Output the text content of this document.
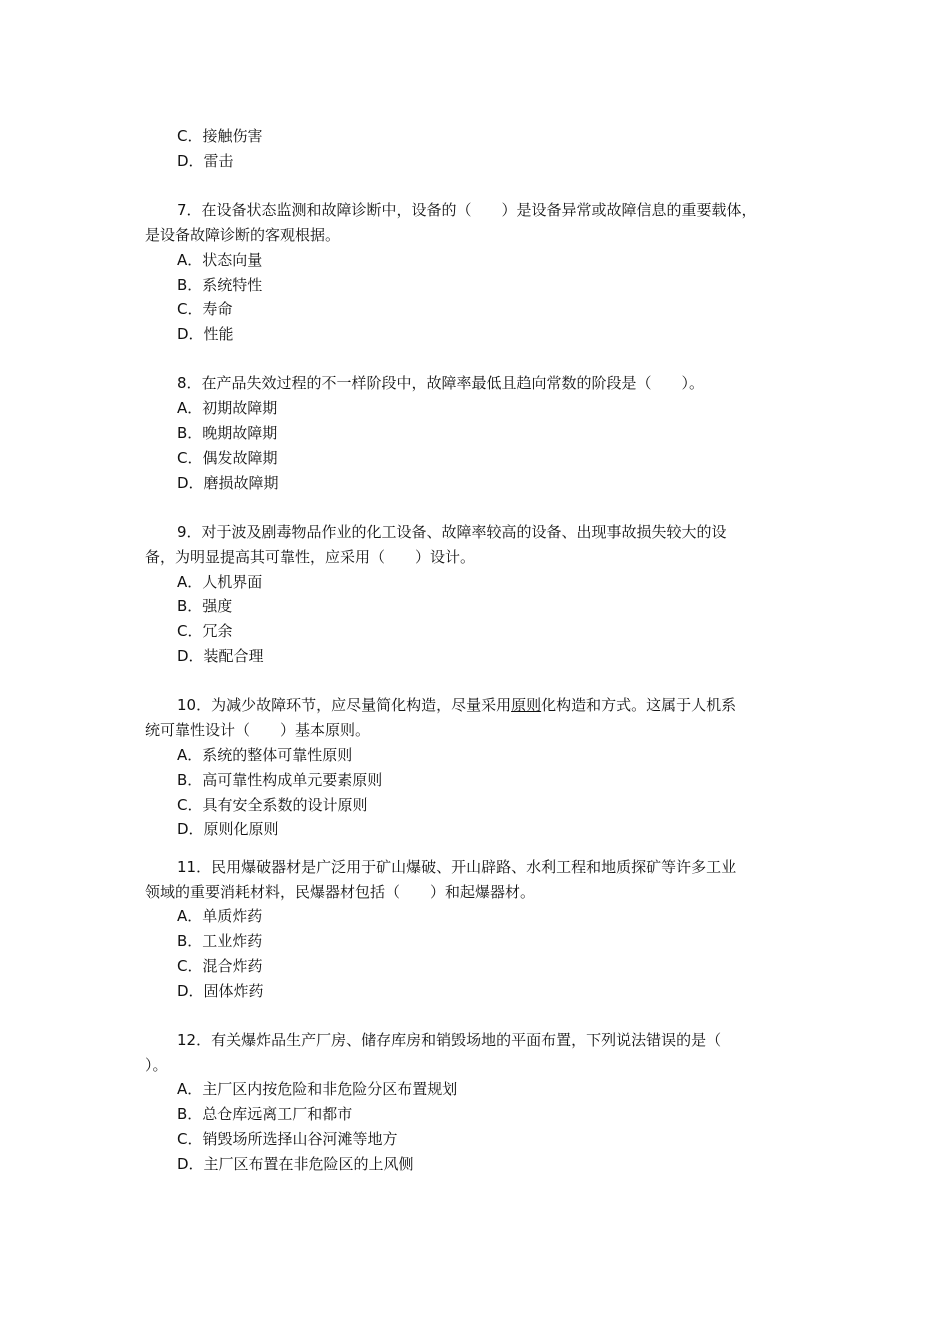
C．接触伤害
D．雷击
7．在设备状态监测和故障诊断中，设备的（　　）是设备异常或故障信息的重要载体，
是设备故障诊断的客观根据。
A．状态向量
B．系统特性
C．寿命
D．性能
8．在产品失效过程的不一样阶段中，故障率最低且趋向常数的阶段是（　　）。
A．初期故障期
B．晚期故障期
C．偶发故障期
D．磨损故障期
9．对于波及剧毒物品作业的化工设备、故障率较高的设备、出现事故损失较大的设
备，为明显提高其可靠性，应采用（　　）设计。
A．人机界面
B．强度
C．冗余
D．装配合理
10．为减少故障环节，应尽量简化构造，尽量采用原则化构造和方式。这属于人机系
统可靠性设计（　　）基本原则。
A．系统的整体可靠性原则
B．高可靠性构成单元要素原则
C．具有安全系数的设计原则
D．原则化原则
11．民用爆破器材是广泛用于矿山爆破、开山辟路、水利工程和地质探矿等许多工业
领域的重要消耗材料，民爆器材包括（　　）和起爆器材。
A．单质炸药
B．工业炸药
C．混合炸药
D．固体炸药
12．有关爆炸品生产厂房、储存库房和销毁场地的平面布置，下列说法错误的是（
）。
A．主厂区内按危险和非危险分区布置规划
B．总仓库远离工厂和都市
C．销毁场所选择山谷河滩等地方
D．主厂区布置在非危险区的上风侧
